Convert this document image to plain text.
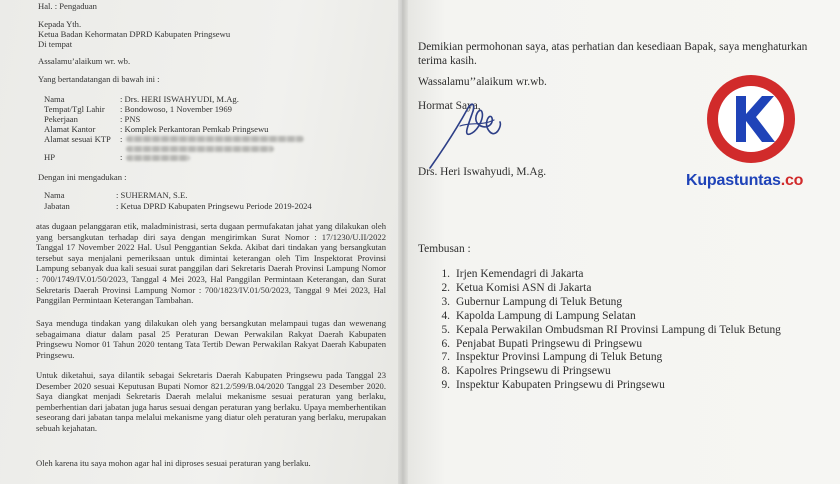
Hal. : Pengaduan
Kepada Yth.
Ketua Badan Kehormatan DPRD Kabupaten Pringsewu
Di tempat
Assalamu’alaikum wr. wb.
Yang bertandatangan di bawah ini :
Nama	: Drs. HERI ISWAHYUDI, M.Ag.
Tempat/Tgl Lahir : Bondowoso, 1 November 1969
Pekerjaan	: PNS
Alamat Kantor	: Komplek Perkantoran Pemkab Pringsewu
Alamat sesuai KTP :
HP	:
Dengan ini mengadukan :
Nama	: SUHERMAN, S.E.
Jabatan	: Ketua DPRD Kabupaten Pringsewu Periode 2019-2024
atas dugaan pelanggaran etik, maladministrasi, serta dugaan permufakatan jahat yang dilakukan oleh yang bersangkutan terhadap diri saya dengan mengirimkan Surat Nomor : 17/1230/U.II/2022 Tanggal 17 November 2022 Hal. Usul Penggantian Sekda. Akibat dari tindakan yang bersangkutan tersebut saya menjalani pemeriksaan untuk dimintai keterangan oleh Tim Inspektorat Provinsi Lampung sebanyak dua kali sesuai surat panggilan dari Sekretaris Daerah Provinsi Lampung Nomor : 700/1749/IV.01/50/2023, Tanggal 4 Mei 2023, Hal Panggilan Permintaan Keterangan, dan Surat Sekretaris Daerah Provinsi Lampung Nomor : 700/1823/IV.01/50/2023, Tanggal 9 Mei 2023, Hal Panggilan Permintaan Keterangan Tambahan.
Saya menduga tindakan yang dilakukan oleh yang bersangkutan melampaui tugas dan wewenang sebagaimana diatur dalam pasal 25 Peraturan Dewan Perwakilan Rakyat Daerah Kabupaten Pringsewu Nomor 01 Tahun 2020 tentang Tata Tertib Dewan Perwakilan Rakyat Daerah Kabupaten Pringsewu.
Untuk diketahui, saya dilantik sebagai Sekretaris Daerah Kabupaten Pringsewu pada Tanggal 23 Desember 2020 sesuai Keputusan Bupati Nomor 821.2/599/B.04/2020 Tanggal 23 Desember 2020. Saya diangkat menjadi Sekretaris Daerah melalui mekanisme sesuai peraturan yang berlaku, pemberhentian dari jabatan juga harus sesuai dengan peraturan yang berlaku. Upaya memberhentikan seseorang dari jabatan tanpa melalui mekanisme yang diatur oleh peraturan yang berlaku, merupakan sebuah kejahatan.
Oleh karena itu saya mohon agar hal ini diproses sesuai peraturan yang berlaku.
Demikian permohonan saya, atas perhatian dan kesediaan Bapak, saya menghaturkan terima kasih.
Wassalamu’’alaikum wr.wb.
Hormat Saya,
Drs. Heri Iswahyudi, M.Ag.
Tembusan :
1. Irjen Kemendagri di Jakarta
2. Ketua Komisi ASN di Jakarta
3. Gubernur Lampung di Teluk Betung
4. Kapolda Lampung di Lampung Selatan
5. Kepala Perwakilan Ombudsman RI Provinsi Lampung di Teluk Betung
6. Penjabat Bupati Pringsewu di Pringsewu
7. Inspektur Provinsi Lampung di Teluk Betung
8. Kapolres Pringsewu di Pringsewu
9. Inspektur Kabupaten Pringsewu di Pringsewu
Kupastuntas.co
